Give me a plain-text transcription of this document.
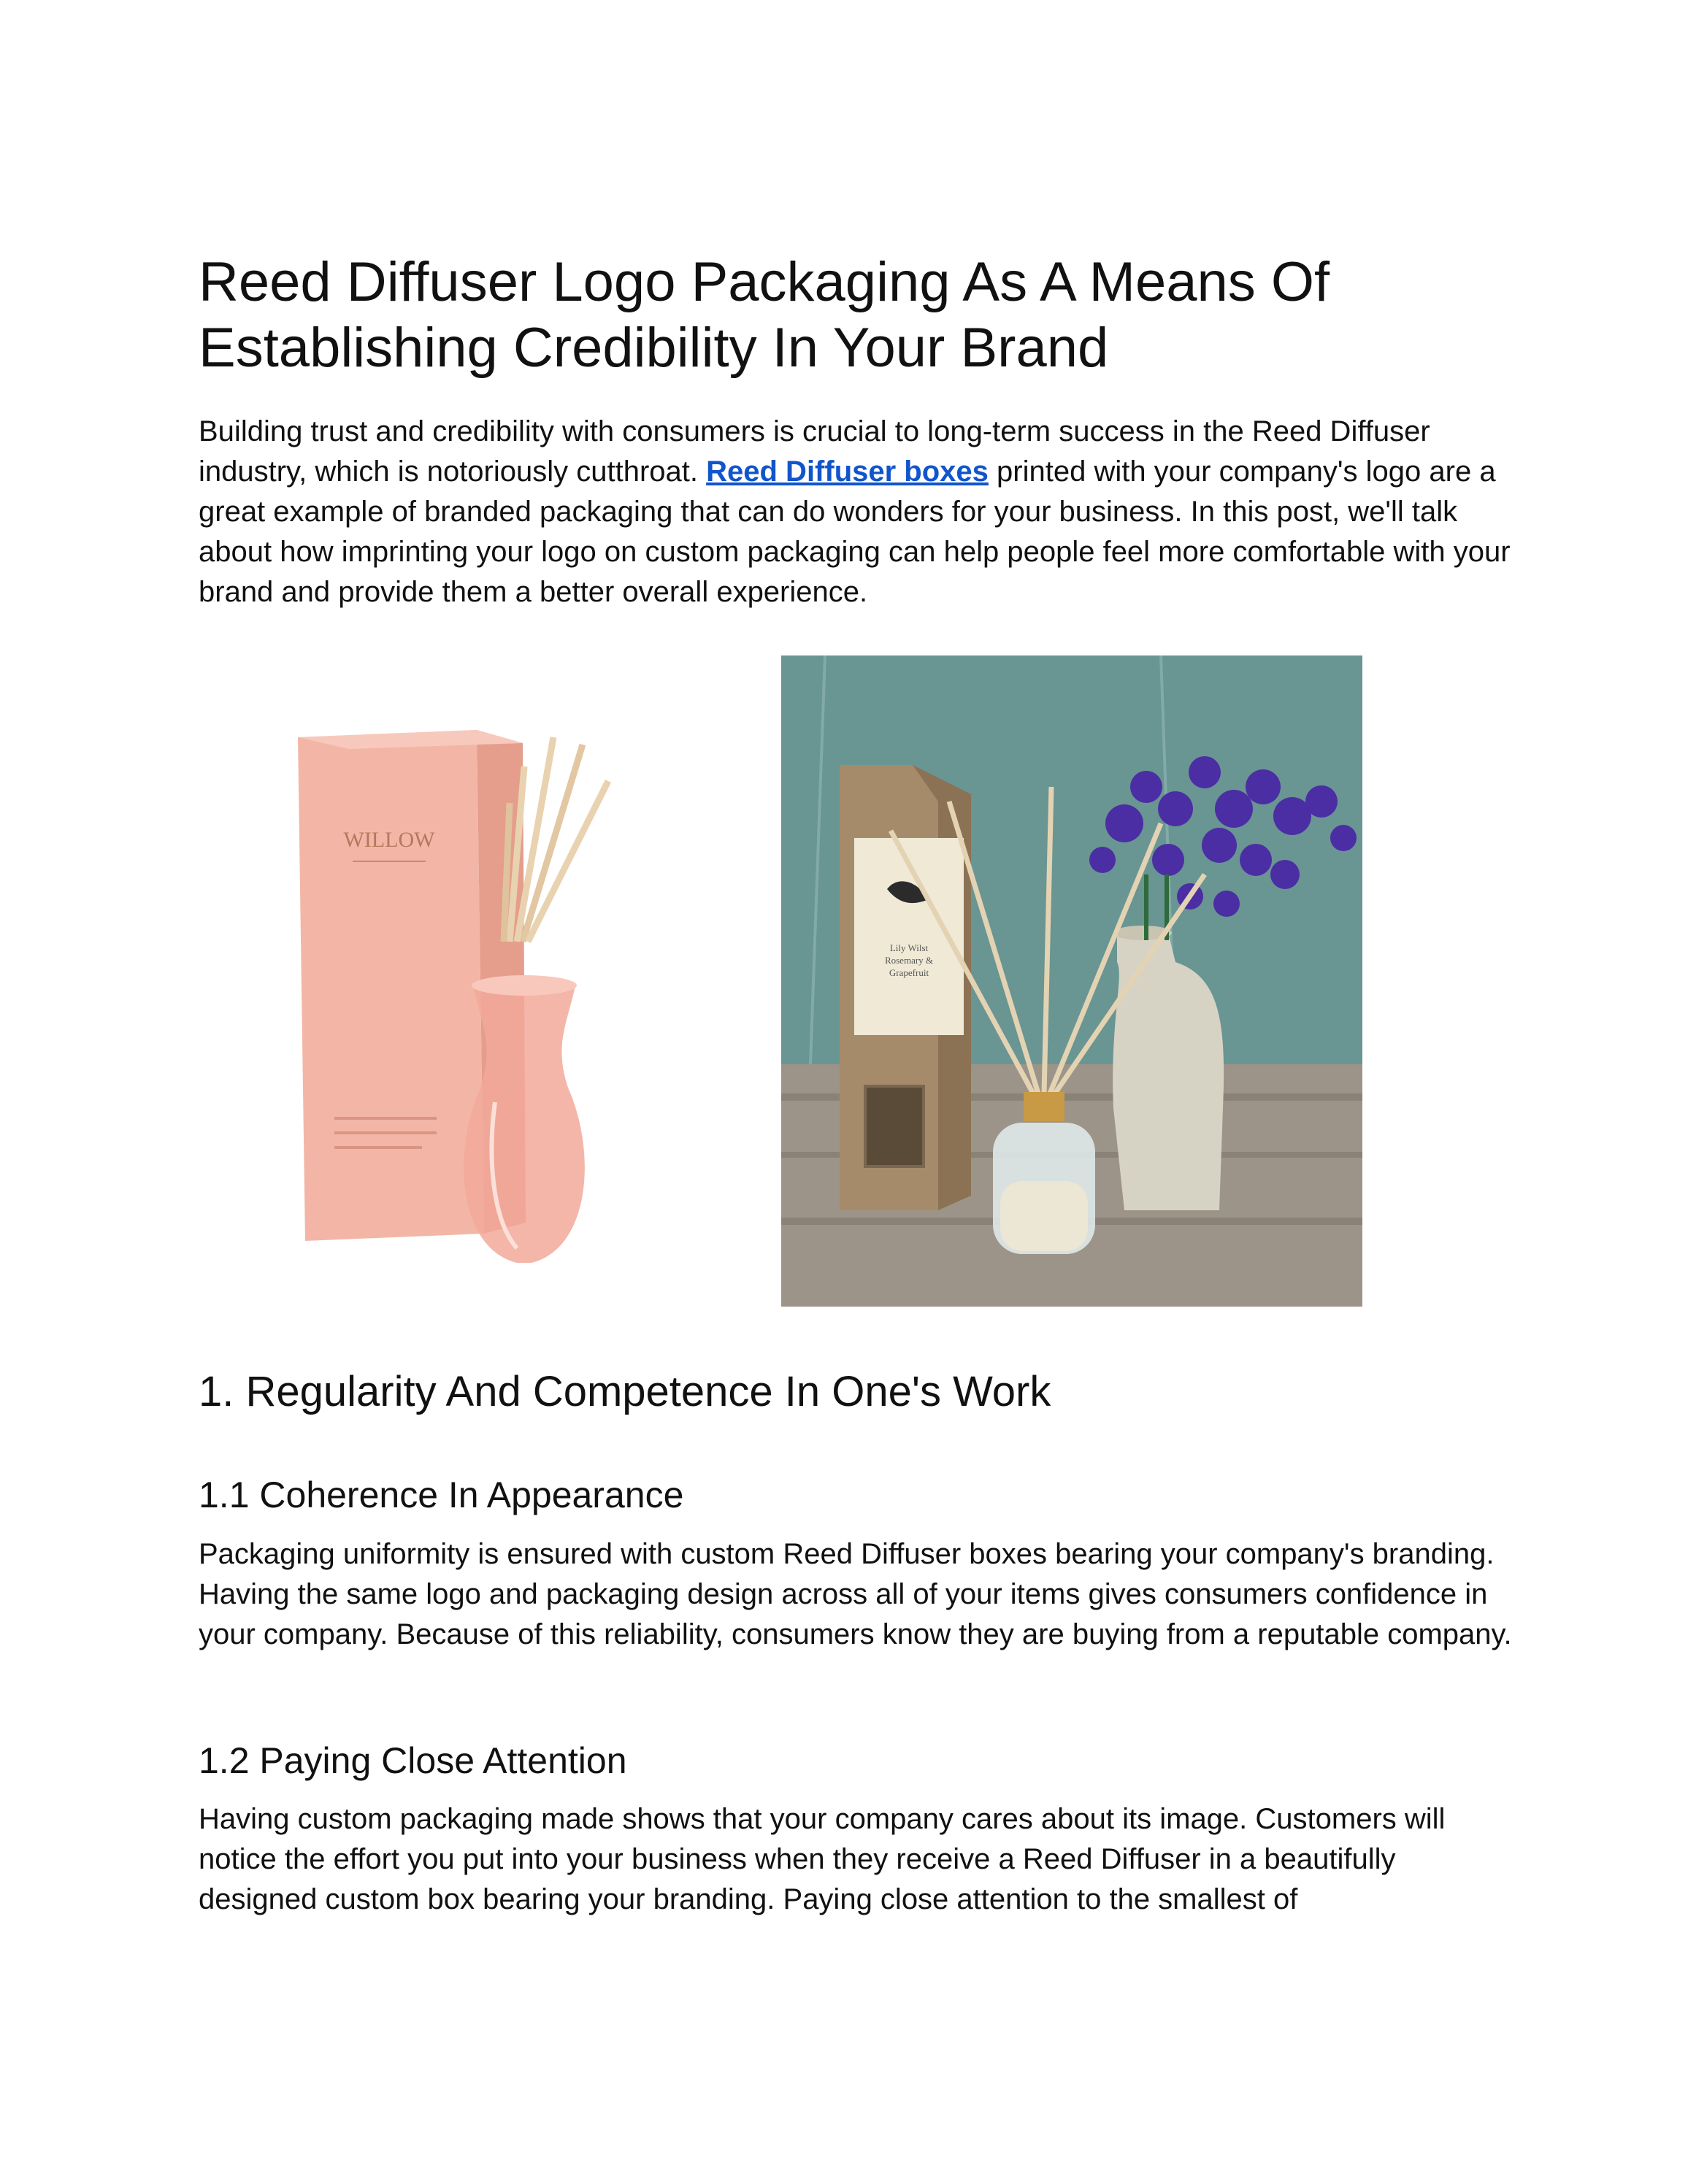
Reed Diffuser Logo Packaging As A Means Of Establishing Credibility In Your Brand

Building trust and credibility with consumers is crucial to long-term success in the Reed Diffuser industry, which is notoriously cutthroat. Reed Diffuser boxes printed with your company's logo are a great example of branded packaging that can do wonders for your business. In this post, we'll talk about how imprinting your logo on custom packaging can help people feel more comfortable with your brand and provide them a better overall experience.

WILLOW
Lily Wilst
Rosemary &
Grapefruit
1. Regularity And Competence In One's Work
1.1 Coherence In Appearance

Packaging uniformity is ensured with custom Reed Diffuser boxes bearing your company's branding. Having the same logo and packaging design across all of your items gives consumers confidence in your company. Because of this reliability, consumers know they are buying from a reputable company.

1.2 Paying Close Attention

Having custom packaging made shows that your company cares about its image. Customers will notice the effort you put into your business when they receive a Reed Diffuser in a beautifully designed custom box bearing your branding. Paying close attention to the smallest of
